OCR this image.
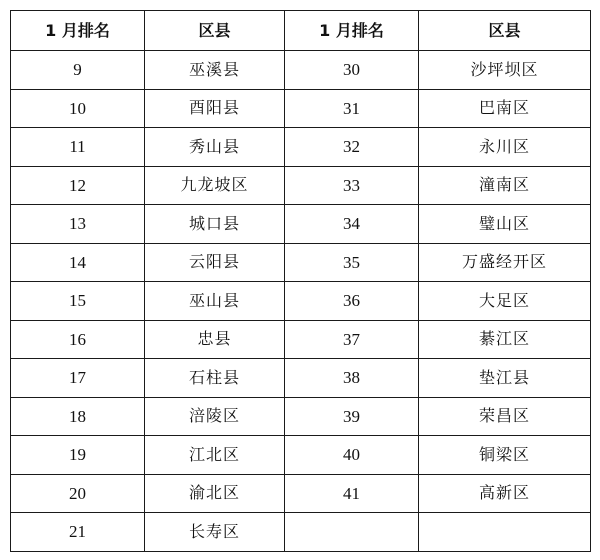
1 月排名	区县	1 月排名	区县
9	巫溪县	30	沙坪坝区
10	酉阳县	31	巴南区
11	秀山县	32	永川区
12	九龙坡区	33	潼南区
13	城口县	34	璧山区
14	云阳县	35	万盛经开区
15	巫山县	36	大足区
16	忠县	37	綦江区
17	石柱县	38	垫江县
18	涪陵区	39	荣昌区
19	江北区	40	铜梁区
20	渝北区	41	高新区
21	长寿区		
